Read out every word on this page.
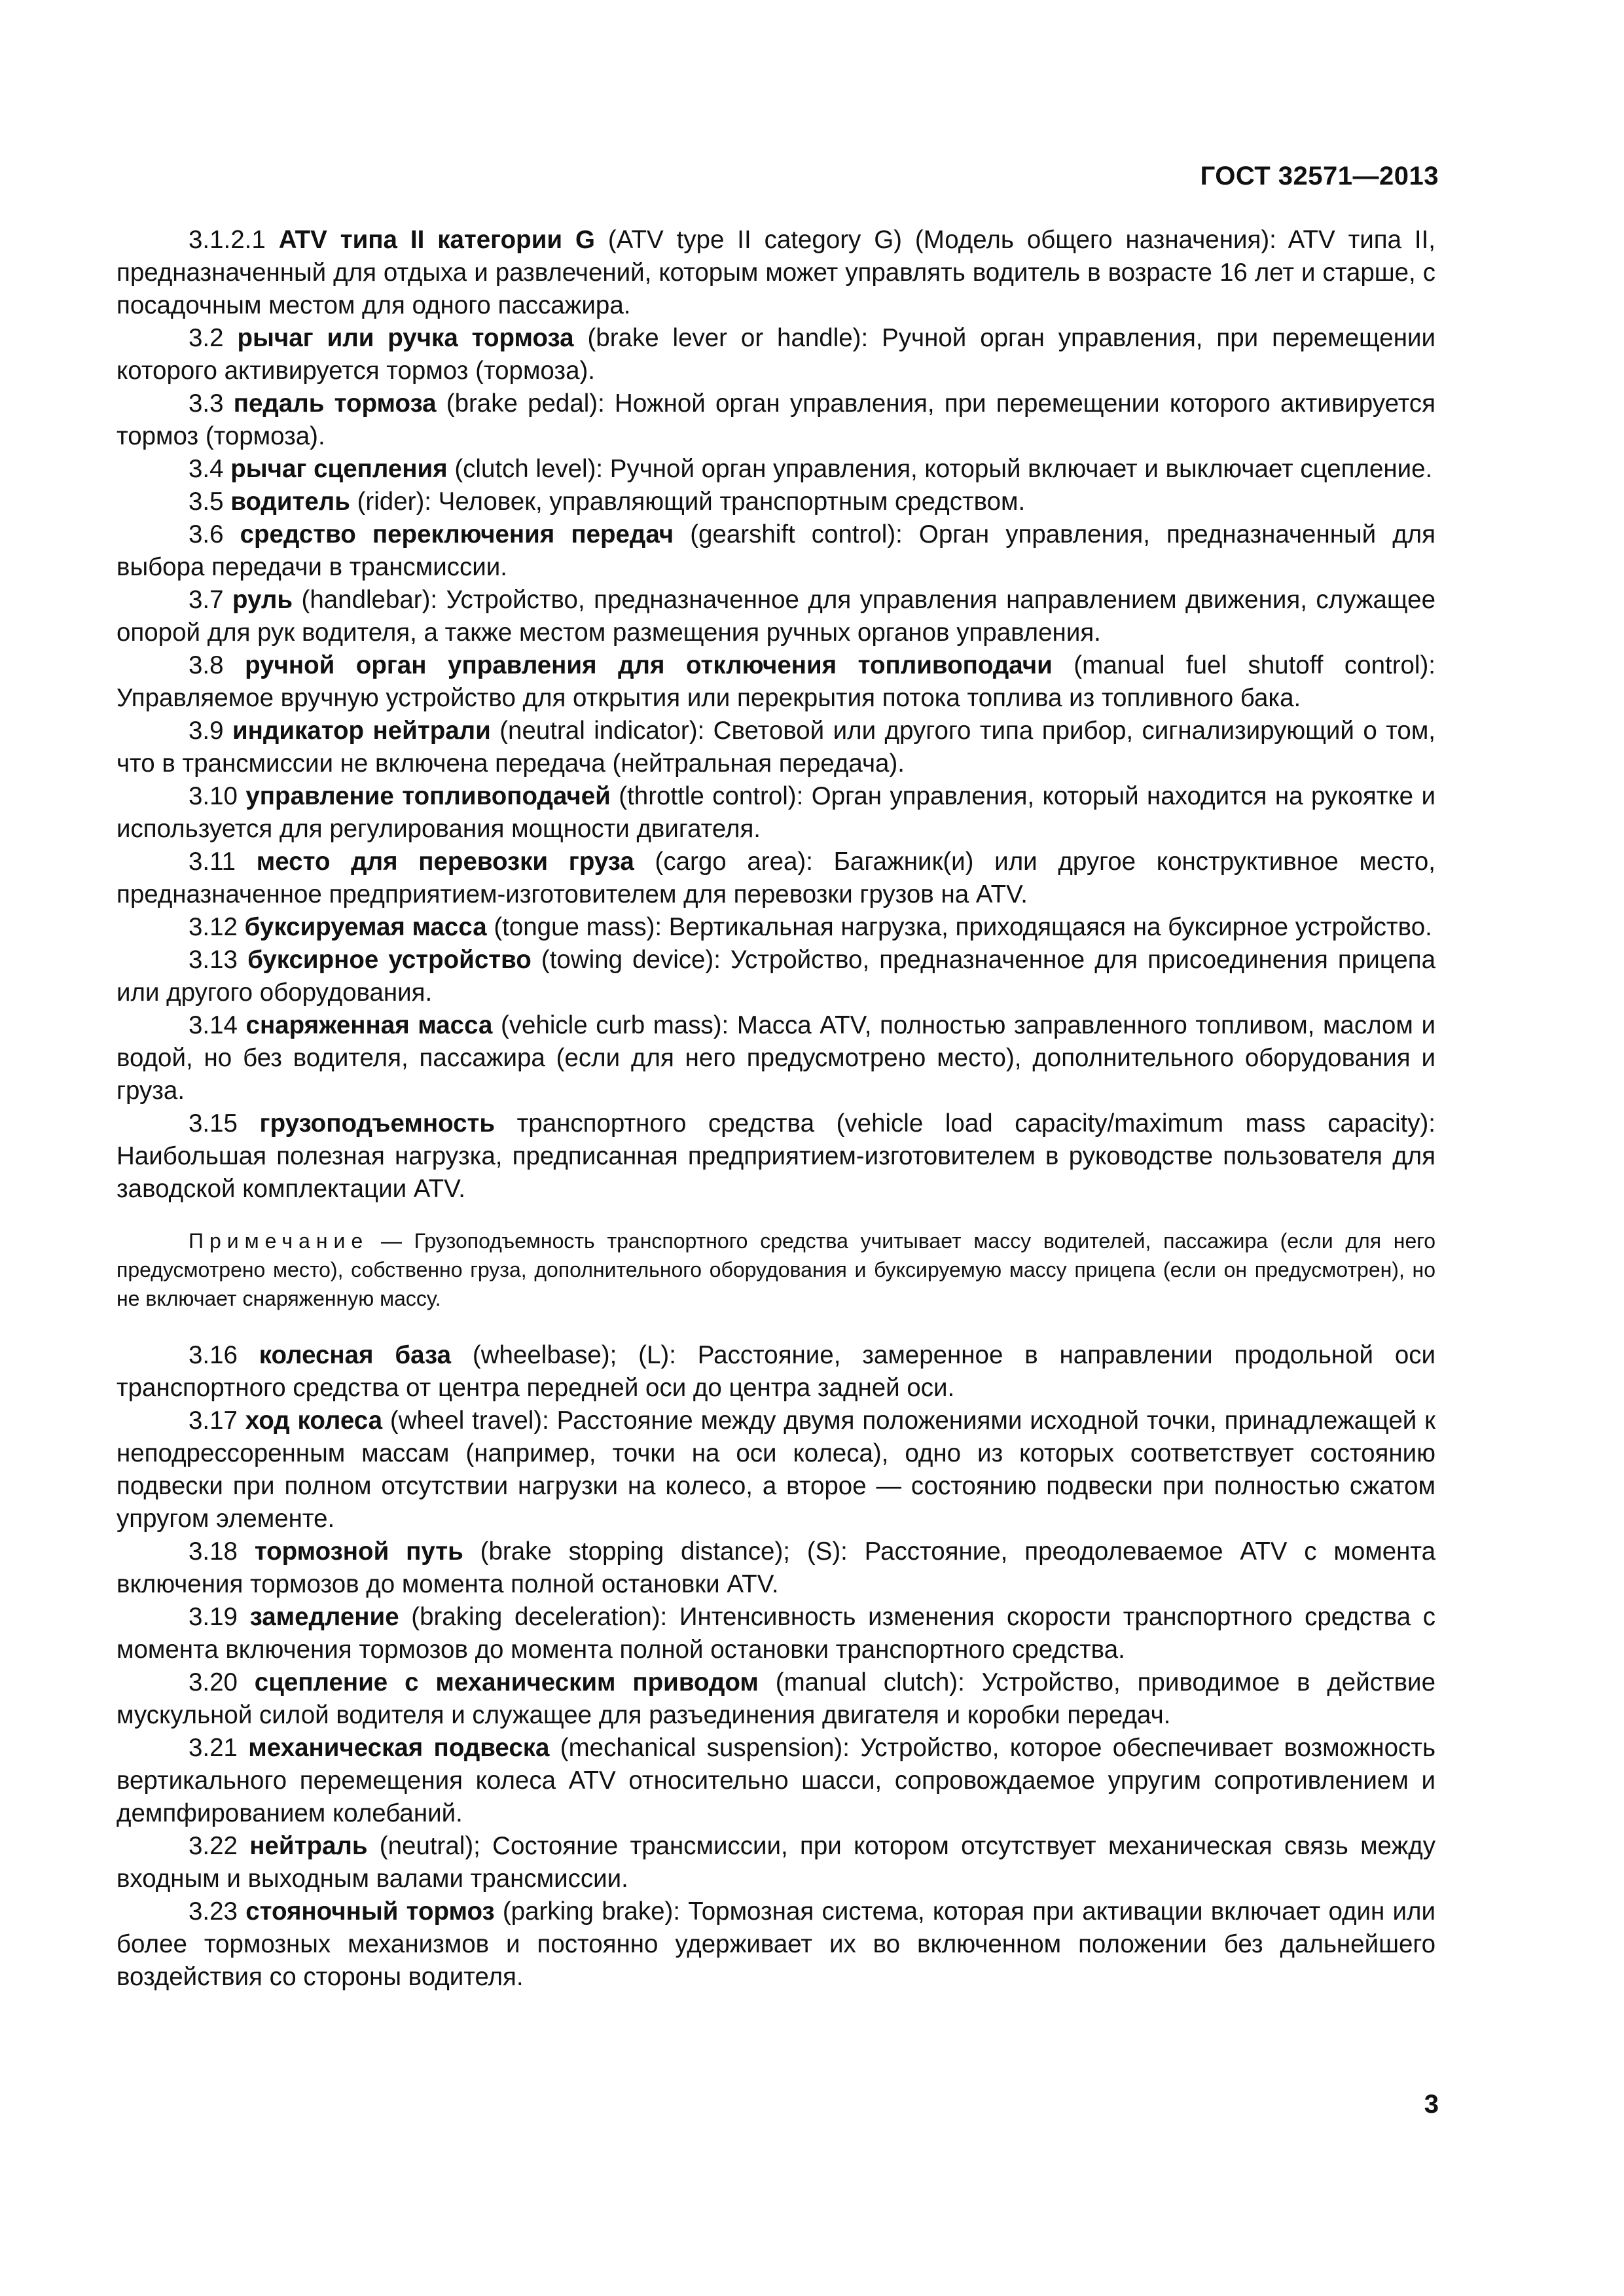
ГОСТ 32571—2013

3.1.2.1 ATV типа II категории G (ATV type II category G) (Модель общего назначения): ATV типа II, предназначенный для отдыха и развлечений, которым может управлять водитель в возрасте 16 лет и старше, с посадочным местом для одного пассажира.

3.2 рычаг или ручка тормоза (brake lever or handle): Ручной орган управления, при перемещении которого активируется тормоз (тормоза).

3.3 педаль тормоза (brake pedal): Ножной орган управления, при перемещении которого активируется тормоз (тормоза).

3.4 рычаг сцепления (clutch level): Ручной орган управления, который включает и выключает сцепление.

3.5 водитель (rider): Человек, управляющий транспортным средством.

3.6 средство переключения передач (gearshift control): Орган управления, предназначенный для выбора передачи в трансмиссии.

3.7 руль (handlebar): Устройство, предназначенное для управления направлением движения, служащее опорой для рук водителя, а также местом размещения ручных органов управления.

3.8 ручной орган управления для отключения топливоподачи (manual fuel shutoff control): Управляемое вручную устройство для открытия или перекрытия потока топлива из топливного бака.

3.9 индикатор нейтрали (neutral indicator): Световой или другого типа прибор, сигнализирующий о том, что в трансмиссии не включена передача (нейтральная передача).

3.10 управление топливоподачей (throttle control): Орган управления, который находится на рукоятке и используется для регулирования мощности двигателя.

3.11 место для перевозки груза (cargo area): Багажник(и) или другое конструктивное место, предназначенное предприятием-изготовителем для перевозки грузов на ATV.

3.12 буксируемая масса (tongue mass): Вертикальная нагрузка, приходящаяся на буксирное устройство.

3.13 буксирное устройство (towing device): Устройство, предназначенное для присоединения прицепа или другого оборудования.

3.14 снаряженная масса (vehicle curb mass): Масса ATV, полностью заправленного топливом, маслом и водой, но без водителя, пассажира (если для него предусмотрено место), дополнительного оборудования и груза.

3.15 грузоподъемность транспортного средства (vehicle load capacity/maximum mass capacity): Наибольшая полезная нагрузка, предписанная предприятием-изготовителем в руководстве пользователя для заводской комплектации ATV.

Примечание — Грузоподъемность транспортного средства учитывает массу водителей, пассажира (если для него предусмотрено место), собственно груза, дополнительного оборудования и буксируемую массу прицепа (если он предусмотрен), но не включает снаряженную массу.

3.16 колесная база (wheelbase); (L): Расстояние, замеренное в направлении продольной оси транспортного средства от центра передней оси до центра задней оси.

3.17 ход колеса (wheel travel): Расстояние между двумя положениями исходной точки, принадлежащей к неподрессоренным массам (например, точки на оси колеса), одно из которых соответствует состоянию подвески при полном отсутствии нагрузки на колесо, а второе — состоянию подвески при полностью сжатом упругом элементе.

3.18 тормозной путь (brake stopping distance); (S): Расстояние, преодолеваемое ATV с момента включения тормозов до момента полной остановки ATV.

3.19 замедление (braking deceleration): Интенсивность изменения скорости транспортного средства с момента включения тормозов до момента полной остановки транспортного средства.

3.20 сцепление с механическим приводом (manual clutch): Устройство, приводимое в действие мускульной силой водителя и служащее для разъединения двигателя и коробки передач.

3.21 механическая подвеска (mechanical suspension): Устройство, которое обеспечивает возможность вертикального перемещения колеса ATV относительно шасси, сопровождаемое упругим сопротивлением и демпфированием колебаний.

3.22 нейтраль (neutral); Состояние трансмиссии, при котором отсутствует механическая связь между входным и выходным валами трансмиссии.

3.23 стояночный тормоз (parking brake): Тормозная система, которая при активации включает один или более тормозных механизмов и постоянно удерживает их во включенном положении без дальнейшего воздействия со стороны водителя.

3
